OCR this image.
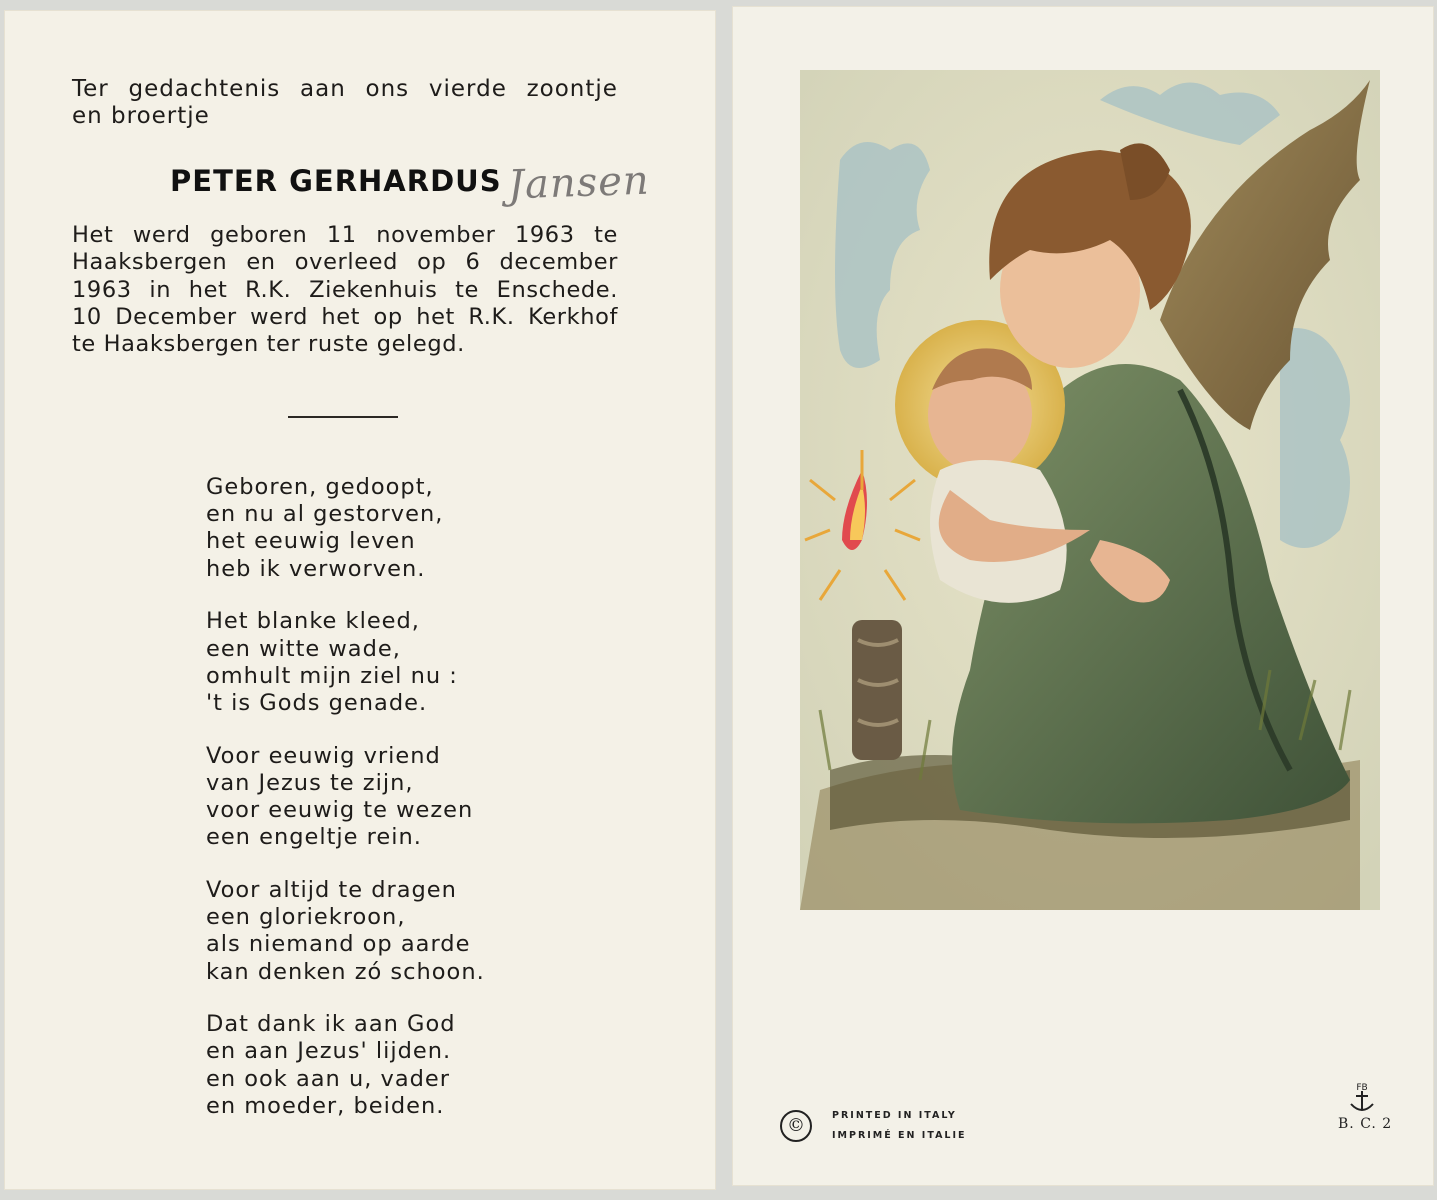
Ter gedachtenis aan ons vierde zoontje
en broertje
PETER GERHARDUS Jansen
Het werd geboren 11 november 1963 te
Haaksbergen en overleed op 6 december
1963 in het R.K. Ziekenhuis te Enschede.
10 December werd het op het R.K. Kerkhof
te Haaksbergen ter ruste gelegd.
Geboren, gedoopt,
en nu al gestorven,
het eeuwig leven
heb ik verworven.
Het blanke kleed,
een witte wade,
omhult mijn ziel nu :
't is Gods genade.
Voor eeuwig vriend
van Jezus te zijn,
voor eeuwig te wezen
een engeltje rein.
Voor altijd te dragen
een gloriekroon,
als niemand op aarde
kan denken zó schoon.
Dat dank ik aan God
en aan Jezus' lijden.
en ook aan u, vader
en moeder, beiden.
©	PRINTED IN ITALY
IMPRIMÉ EN ITALIE
FB
B. C. 2
